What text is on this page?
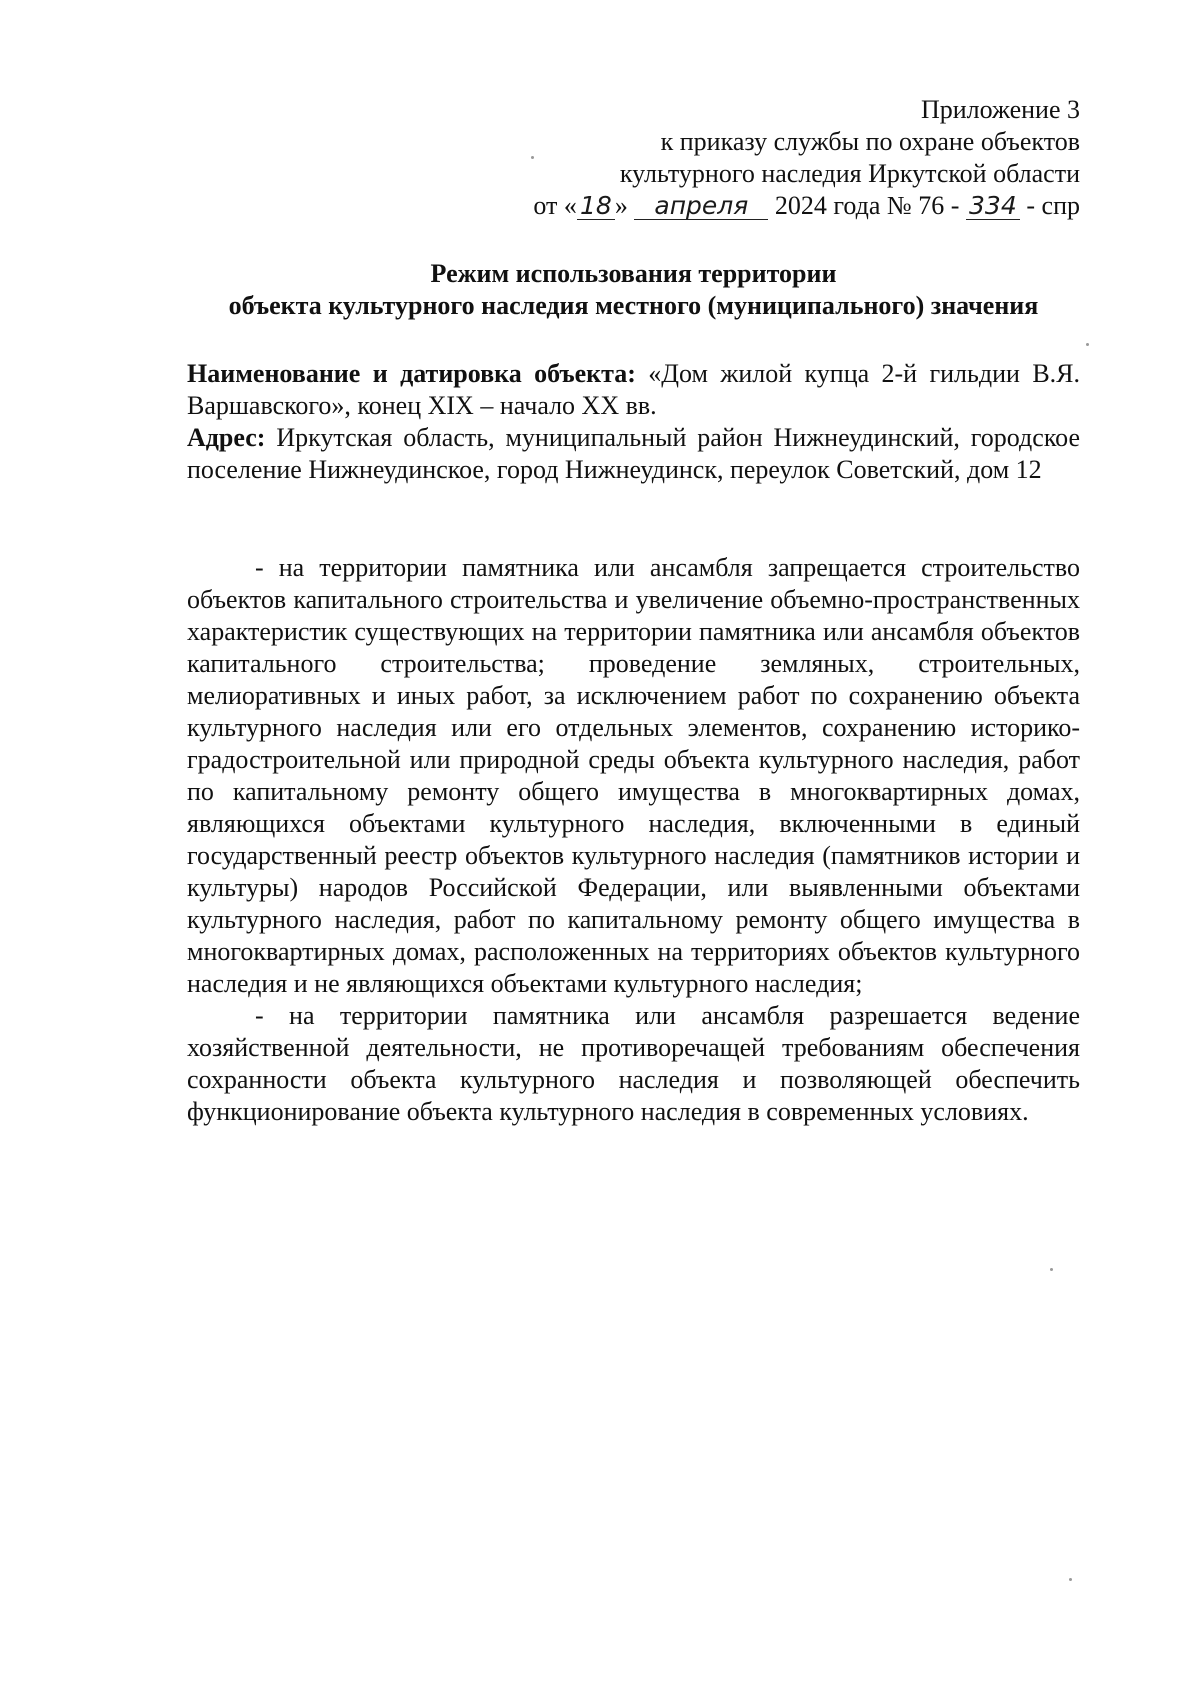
Приложение 3
к приказу службы по охране объектов
культурного наследия Иркутской области
от « 18 » апреля 2024 года № 76 - 334 - спр
Режим использования территории
объекта культурного наследия местного (муниципального) значения

Наименование и датировка объекта: «Дом жилой купца 2-й гильдии В.Я. Варшавского», конец XIX – начало XX вв.

Адрес: Иркутская область, муниципальный район Нижнеудинский, городское поселение Нижнеудинское, город Нижнеудинск, переулок Советский, дом 12

- на территории памятника или ансамбля запрещается строительство объектов капитального строительства и увеличение объемно-пространственных характеристик существующих на территории памятника или ансамбля объектов капитального строительства; проведение земляных, строительных, мелиоративных и иных работ, за исключением работ по сохранению объекта культурного наследия или его отдельных элементов, сохранению историко-градостроительной или природной среды объекта культурного наследия, работ по капитальному ремонту общего имущества в многоквартирных домах, являющихся объектами культурного наследия, включенными в единый государственный реестр объектов культурного наследия (памятников истории и культуры) народов Российской Федерации, или выявленными объектами культурного наследия, работ по капитальному ремонту общего имущества в многоквартирных домах, расположенных на территориях объектов культурного наследия и не являющихся объектами культурного наследия;

- на территории памятника или ансамбля разрешается ведение хозяйственной деятельности, не противоречащей требованиям обеспечения сохранности объекта культурного наследия и позволяющей обеспечить функционирование объекта культурного наследия в современных условиях.
